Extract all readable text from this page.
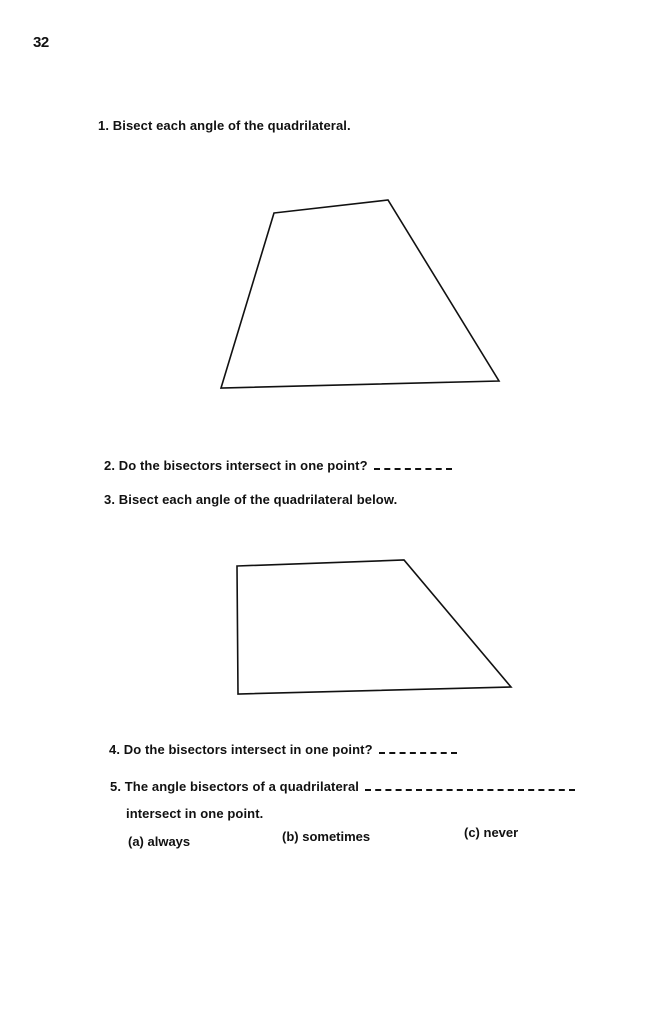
32
1. Bisect each angle of the quadrilateral.
2. Do the bisectors intersect in one point?
3. Bisect each angle of the quadrilateral below.
4. Do the bisectors intersect in one point?
5. The angle bisectors of a quadrilateral
intersect in one point.
(a) always	(b) sometimes	(c) never
